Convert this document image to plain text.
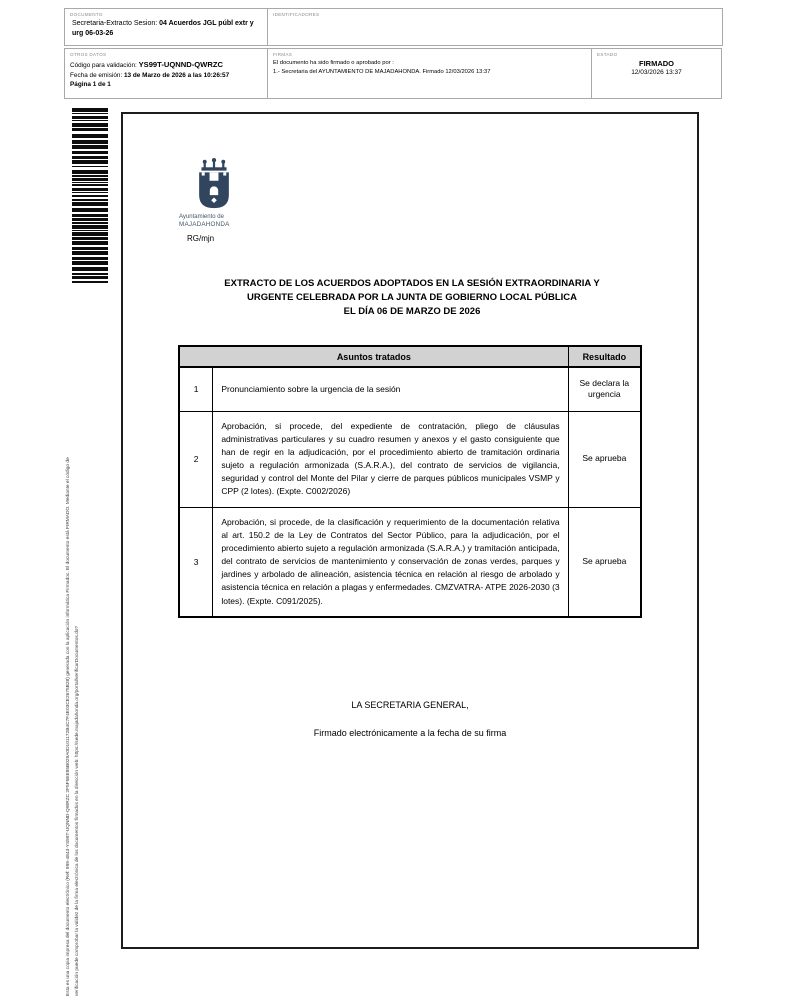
DOCUMENTO
Secretaria-Extracto Sesion: 04 Acuerdos JGL públ extr y urg 06-03-26
IDENTIFICADORES
OTROS DATOS
Código para validación: YS99T-UQNND-QWRZC
Fecha de emisión: 13 de Marzo de 2026 a las 10:26:57
Página 1 de 1
FIRMAS
El documento ha sido firmado o aprobado por :
1.- Secretaria del AYUNTAMIENTO DE MAJADAHONDA. Firmado 12/03/2026 13:37
ESTADO
FIRMADO
12/03/2026 13:37
Esta es una copia impresa del documento electrónico (Ref: 999-4843-YS99T-UQNND-QWRZC 2F5F5EE95B029A0D101172B4C7F4E03CE2675B28) generada con la aplicación informática Firmadoc. El documento está FIRMADO. Mediante el código de verificación puede comprobar la validez de la firma electrónica de los documentos firmados en la dirección web: https://sede.majadahonda.org/portal/verificarDocumentos.do?
Ayuntamiento de
MAJADAHONDA
RG/mjn
EXTRACTO DE LOS ACUERDOS ADOPTADOS EN LA SESIÓN EXTRAORDINARIA Y
URGENTE CELEBRADA POR LA JUNTA DE GOBIERNO LOCAL PÚBLICA
EL DÍA 06 DE MARZO DE 2026
Asuntos tratados		Resultado
1	Pronunciamiento sobre la urgencia de la sesión	Se declara la urgencia
2	Aprobación, si procede, del expediente de contratación, pliego de cláusulas administrativas particulares y su cuadro resumen y anexos y el gasto consiguiente que han de regir en la adjudicación, por el procedimiento abierto de tramitación ordinaria sujeto a regulación armonizada (S.A.R.A.), del contrato de servicios de vigilancia, seguridad y control del Monte del Pilar y cierre de parques públicos municipales VSMP y CPP (2 lotes). (Expte. C002/2026)	Se aprueba
3	Aprobación, si procede, de la clasificación y requerimiento de la documentación relativa al art. 150.2 de la Ley de Contratos del Sector Público, para la adjudicación, por el procedimiento abierto sujeto a regulación armonizada (S.A.R.A.) y tramitación anticipada, del contrato de servicios de mantenimiento y conservación de zonas verdes, parques y jardines y arbolado de alineación, asistencia técnica en relación al riesgo de arbolado y asistencia técnica en relación a plagas y enfermedades. CMZVATRA- ATPE 2026-2030 (3 lotes). (Expte. C091/2025).	Se aprueba
LA SECRETARIA GENERAL,
Firmado electrónicamente a la fecha de su firma
